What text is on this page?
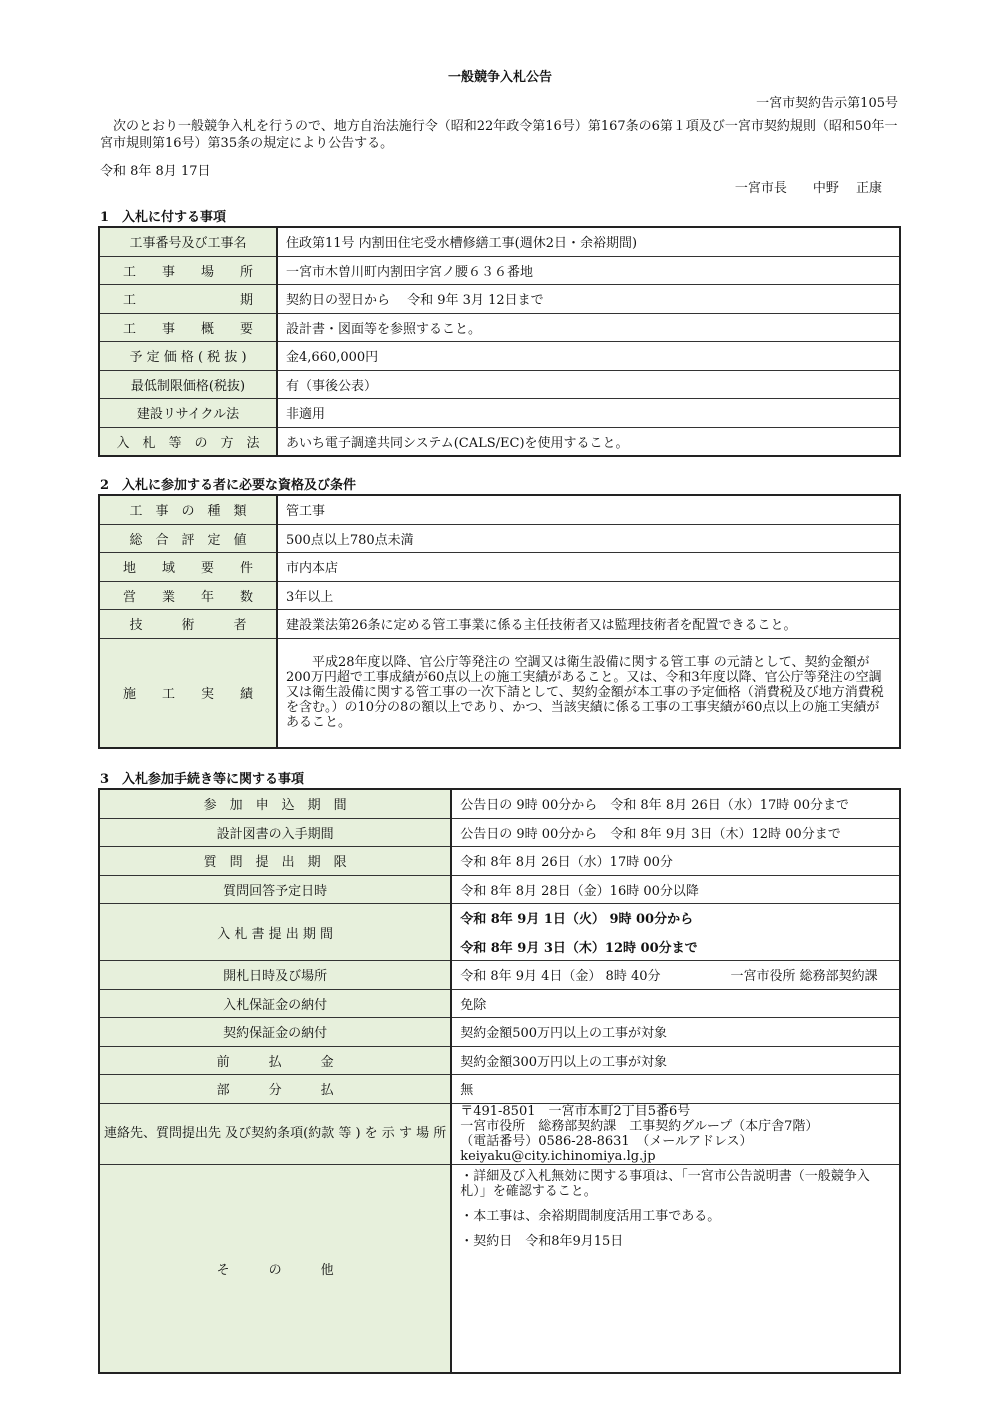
一般競争入札公告
一宮市契約告示第105号
　次のとおり一般競争入札を行うので、地方自治法施行令（昭和22年政令第16号）第167条の6第１項及び一宮市契約規則（昭和50年一宮市規則第16号）第35条の規定により公告する。
令和 8年 8月 17日
一宮市長　　中野　 正康
1　入札に付する事項
工事番号及び工事名	住政第11号 内割田住宅受水槽修繕工事(週休2日・余裕期間)
工　　事　　場　　所	一宮市木曽川町内割田字宮ノ腰６３６番地
工　　　　　　　　期	契約日の翌日から　 令和 9年 3月 12日まで
工　　事　　概　　要	設計書・図面等を参照すること。
予 定 価 格 ( 税 抜 )	金4,660,000円
最低制限価格(税抜)	有（事後公表）
建設リサイクル法	非適用
入　札　等　の　方　法	あいち電子調達共同システム(CALS/EC)を使用すること。
2　入札に参加する者に必要な資格及び条件
工　事　の　種　類	管工事
総　合　評　定　値	500点以上780点未満
地　　域　　要　　件	市内本店
営　　業　　年　　数	3年以上
技　　　術　　　者	建設業法第26条に定める管工事業に係る主任技術者又は監理技術者を配置できること。
施　　工　　実　　績	　　平成28年度以降、官公庁等発注の 空調又は衛生設備に関する管工事 の元請として、契約金額が200万円超で工事成績が60点以上の施工実績があること。又は、令和3年度以降、官公庁等発注の空調又は衛生設備に関する管工事の一次下請として、契約金額が本工事の予定価格（消費税及び地方消費税を含む。）の10分の8の額以上であり、かつ、当該実績に係る工事の工事実績が60点以上の施工実績があること。
3　入札参加手続き等に関する事項
参　加　申　込　期　間	公告日の 9時 00分から　令和 8年 8月 26日（水）17時 00分まで
設計図書の入手期間	公告日の 9時 00分から　令和 8年 9月 3日（木）12時 00分まで
質　問　提　出　期　限	令和 8年 8月 26日（水）17時 00分
質問回答予定日時	令和 8年 8月 28日（金）16時 00分以降
入 札 書 提 出 期 間	令和 8年 9月 1日（火） 9時 00分から
令和 8年 9月 3日（木）12時 00分まで

開札日時及び場所	令和 8年 9月 4日（金） 8時 40分 一宮市役所 総務部契約課
入札保証金の納付	免除
契約保証金の納付	契約金額500万円以上の工事が対象
前　　　払　　　金	契約金額300万円以上の工事が対象
部　　　分　　　払	無
連絡先、質問提出先 及び契約条項(約款 等 ) を 示 す 場 所	〒491-8501　一宮市本町2丁目5番6号
一宮市役所　総務部契約課　工事契約グループ（本庁舎7階）
（電話番号）0586-28-8631　（メールアドレス）keiyaku@city.ichinomiya.lg.jp
そ　　　の　　　他	・詳細及び入札無効に関する事項は、「一宮市公告説明書（一般競争入札）」を確認すること。

・本工事は、余裕期間制度活用工事である。

・契約日　令和8年9月15日
